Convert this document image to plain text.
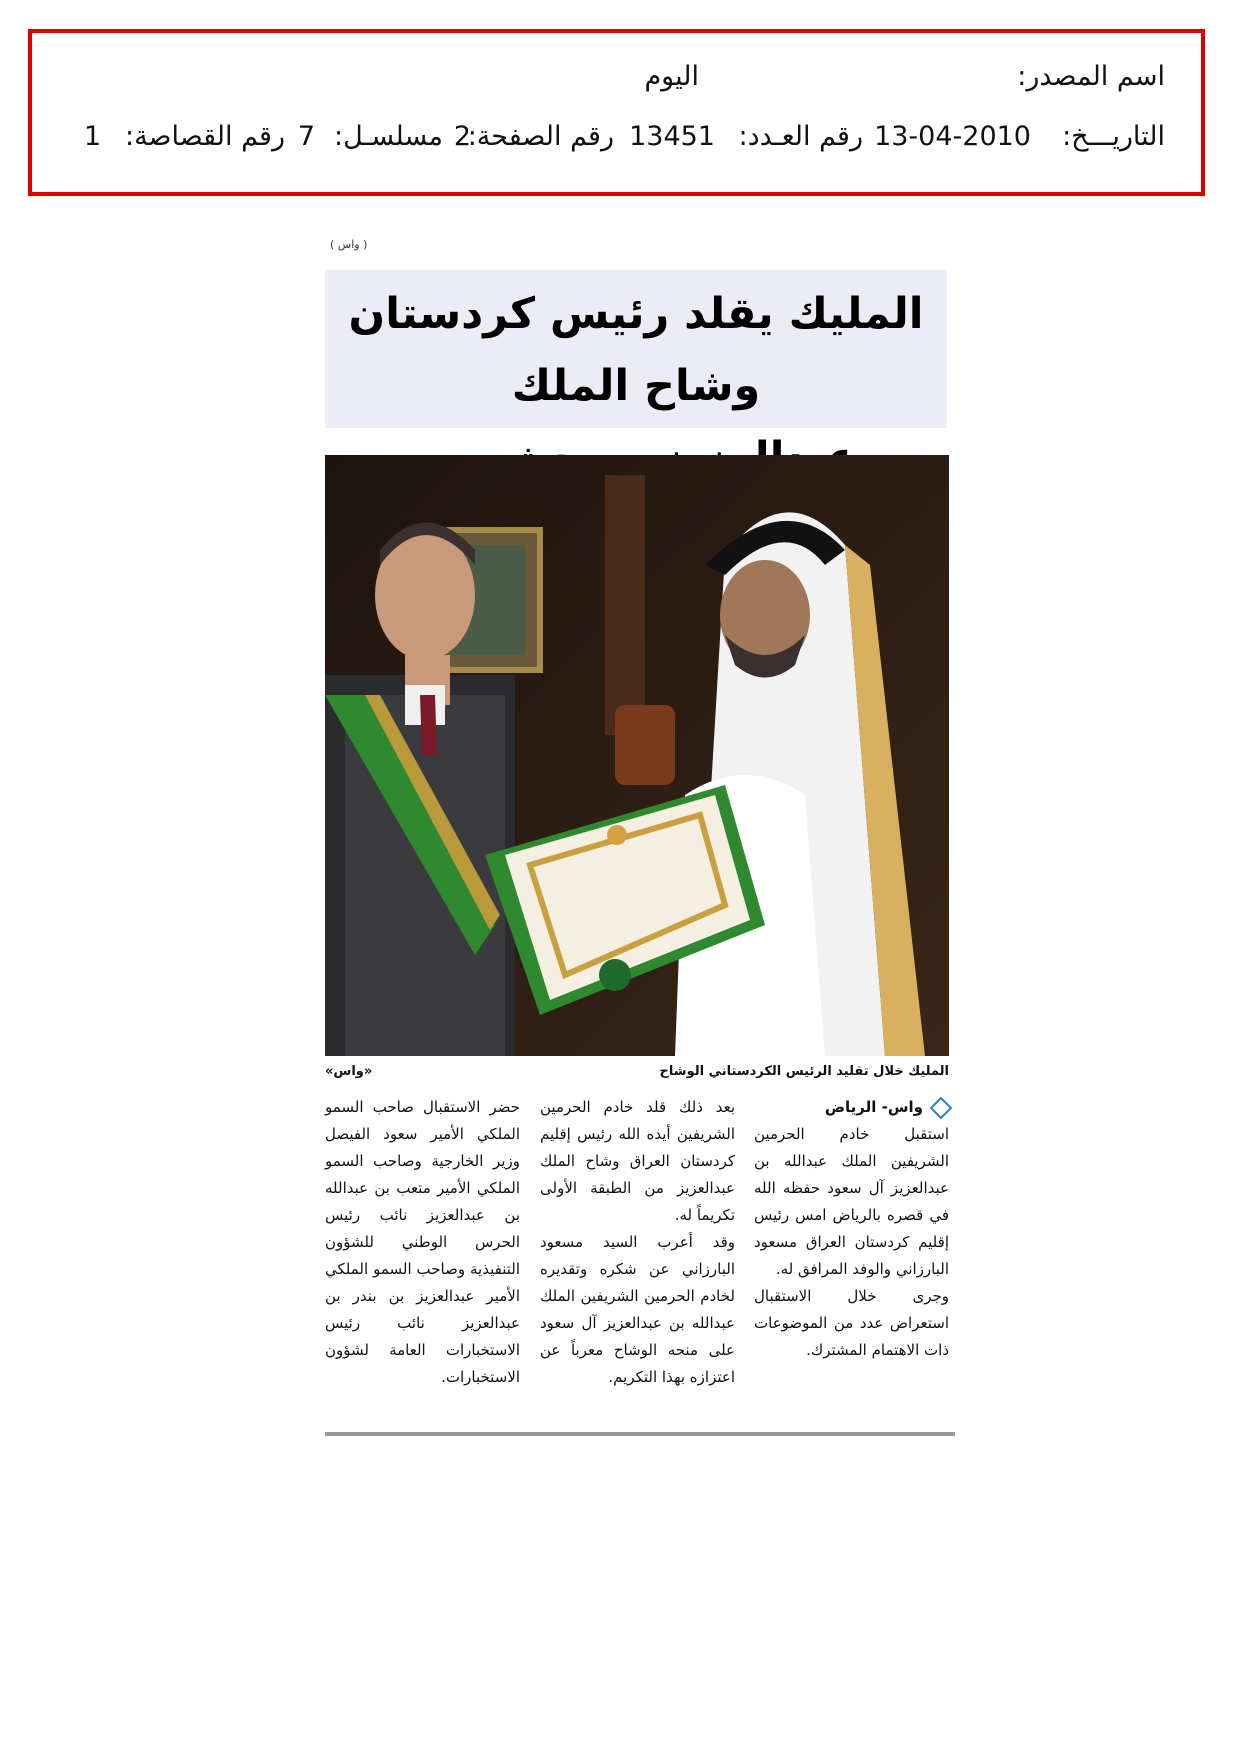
اسم المصدر:
اليوم
التاريـــخ:
13-04-2010
رقم العـدد:
13451
رقم الصفحة:
2
مسلسـل:
7
رقم القصاصة:
1
( واس )
المليك يقلد رئيس كردستان وشاح الملك
المليك خلال تقليد الرئيس الكردستاني الوشاح
«واس»
واس- الرياض

استقبل خادم الحرمين الشريفين الملك عبدالله بن عبدالعزيز آل سعود حفظه الله في قصره بالرياض امس رئيس إقليم كردستان العراق مسعود البارزاني والوفد المرافق له.

وجرى خلال الاستقبال استعراض عدد من الموضوعات ذات الاهتمام المشترك.

بعد ذلك قلد خادم الحرمين الشريفين أيده الله رئيس إقليم كردستان العراق وشاح الملك عبدالعزيز من الطبقة الأولى تكريماً له.

وقد أعرب السيد مسعود البارزاني عن شكره وتقديره لخادم الحرمين الشريفين الملك عبدالله بن عبدالعزيز آل سعود على منحه الوشاح معرباً عن اعتزازه بهذا التكريم.

حضر الاستقبال صاحب السمو الملكي الأمير سعود الفيصل وزير الخارجية وصاحب السمو الملكي الأمير متعب بن عبدالله بن عبدالعزيز نائب رئيس الحرس الوطني للشؤون التنفيذية وصاحب السمو الملكي الأمير عبدالعزيز بن بندر بن عبدالعزيز نائب رئيس الاستخبارات العامة لشؤون الاستخبارات.
